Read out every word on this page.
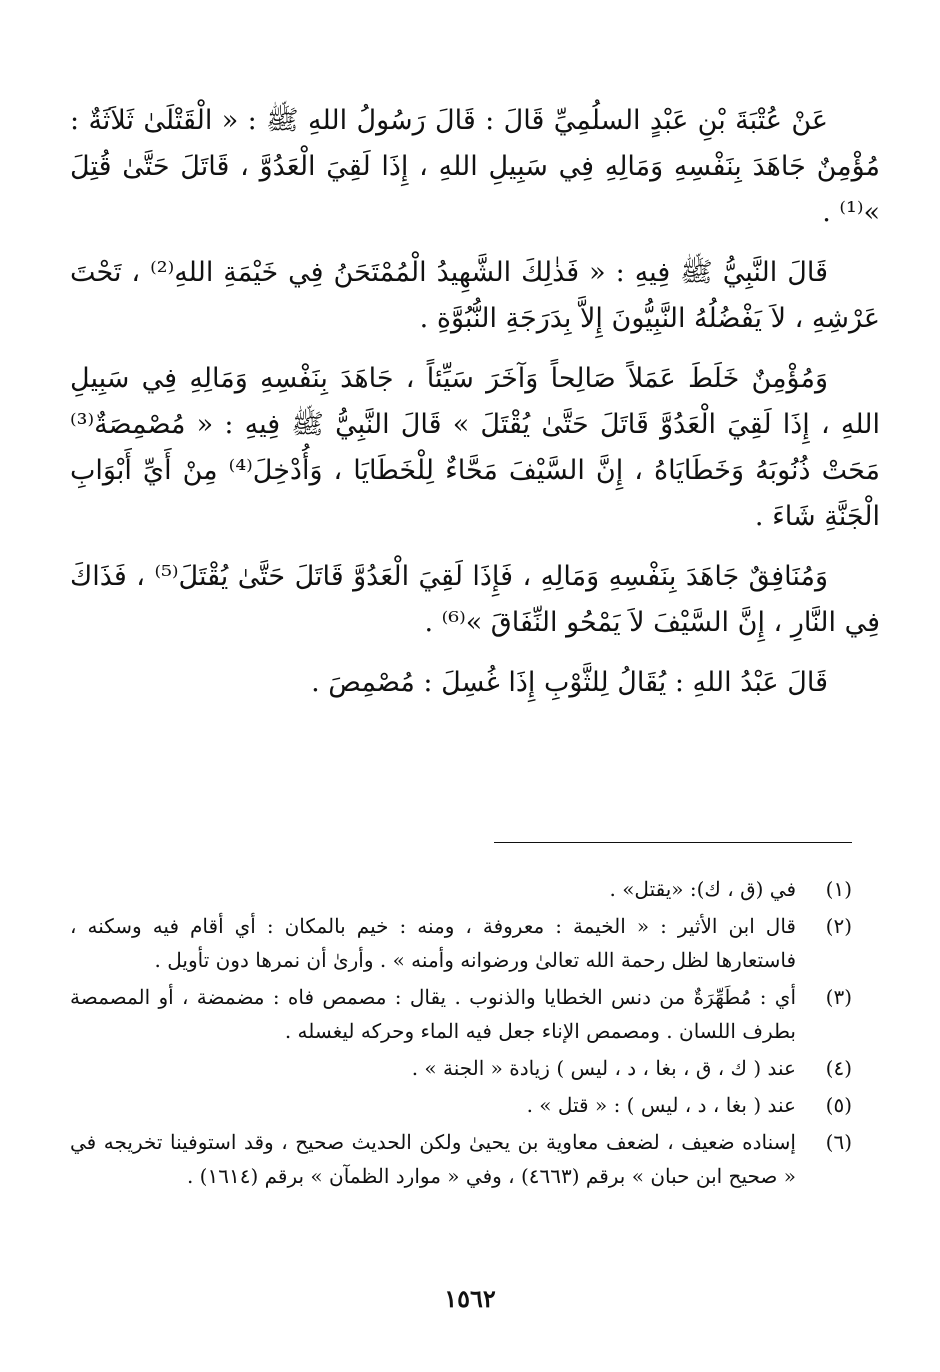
عَنْ عُتْبَةَ بْنِ عَبْدٍ السلُمِيِّ قَالَ : قَالَ رَسُولُ اللهِ ﷺ : « الْقَتْلَىٰ ثَلاَثَةٌ : مُؤْمِنٌ جَاهَدَ بِنَفْسِهِ وَمَالِهِ فِي سَبِيلِ اللهِ ، إِذَا لَقِيَ الْعَدُوَّ ، قَاتَلَ حَتَّىٰ قُتِلَ »⁽¹⁾ .

قَالَ النَّبِيُّ ﷺ فِيهِ : « فَذٰلِكَ الشَّهِيدُ الْمُمْتَحَنُ فِي خَيْمَةِ اللهِ⁽²⁾ ، تَحْتَ عَرْشِهِ ، لاَ يَفْضُلُهُ النَّبِيُّونَ إِلاَّ بِدَرَجَةِ النُّبُوَّةِ .

وَمُؤْمِنٌ خَلَطَ عَمَلاً صَالِحاً وَآخَرَ سَيِّئاً ، جَاهَدَ بِنَفْسِهِ وَمَالِهِ فِي سَبِيلِ اللهِ ، إِذَا لَقِيَ الْعَدُوَّ قَاتَلَ حَتَّىٰ يُقْتَلَ » قَالَ النَّبِيُّ ﷺ فِيهِ : « مُصْمِصَةٌ⁽³⁾ مَحَتْ ذُنُوبَهُ وَخَطَايَاهُ ، إِنَّ السَّيْفَ مَحَّاءٌ لِلْخَطَايَا ، وَأُدْخِلَ⁽⁴⁾ مِنْ أَيِّ أَبْوَابِ الْجَنَّةِ شَاءَ .

وَمُنَافِقٌ جَاهَدَ بِنَفْسِهِ وَمَالِهِ ، فَإِذَا لَقِيَ الْعَدُوَّ قَاتَلَ حَتَّىٰ يُقْتَلَ⁽⁵⁾ ، فَذَاكَ فِي النَّارِ ، إِنَّ السَّيْفَ لاَ يَمْحُو النِّفَاقَ »⁽⁶⁾ .

قَالَ عَبْدُ اللهِ : يُقَالُ لِلثَّوْبِ إِذَا غُسِلَ : مُصْمِصَ .

(١)
في (ق ، ك): «يقتل» .
(٢)
قال ابن الأثير : « الخيمة : معروفة ، ومنه : خيم بالمكان : أي أقام فيه وسكنه ، فاستعارها لظل رحمة الله تعالىٰ ورضوانه وأمنه » . وأرىٰ أن نمرها دون تأويل .
(٣)
أي : مُطَهِّرَةٌ من دنس الخطايا والذنوب . يقال : مصمص فاه : مضمضة ، أو المصمصة بطرف اللسان . ومصمص الإناء جعل فيه الماء وحركه ليغسله .
(٤)
عند ( ك ، ق ، بغا ، د ، ليس ) زيادة « الجنة » .
(٥)
عند ( بغا ، د ، ليس ) : « قتل » .
(٦)
إسناده ضعيف ، لضعف معاوية بن يحيىٰ ولكن الحديث صحيح ، وقد استوفينا تخريجه في « صحيح ابن حبان » برقم (٤٦٦٣) ، وفي « موارد الظمآن » برقم (١٦١٤) .
١٥٦٢
